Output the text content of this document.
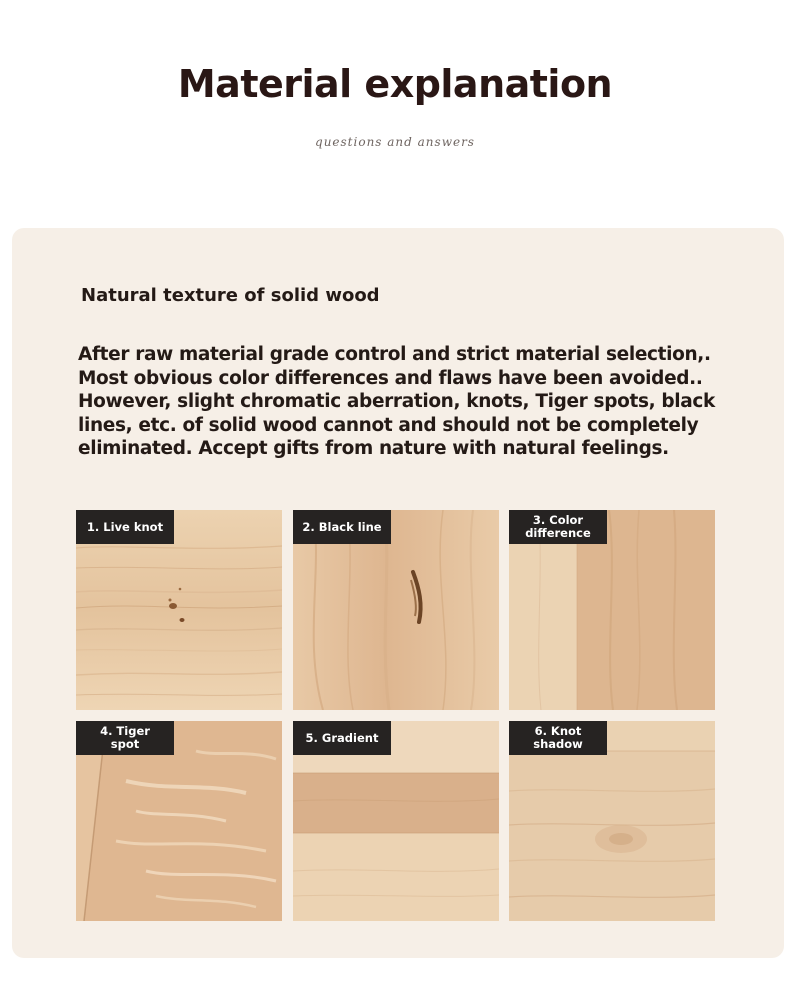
Material explanation
questions and answers
Natural texture of solid wood

After raw material grade control and strict material selection,. Most obvious color differences and flaws have been avoided.. However, slight chromatic aberration, knots, Tiger spots, black lines, etc. of solid wood cannot and should not be completely eliminated. Accept gifts from nature with natural feelings.

1. Live knot	2. Black line	3. Color difference
4. Tiger spot	5. Gradient	6. Knot shadow
